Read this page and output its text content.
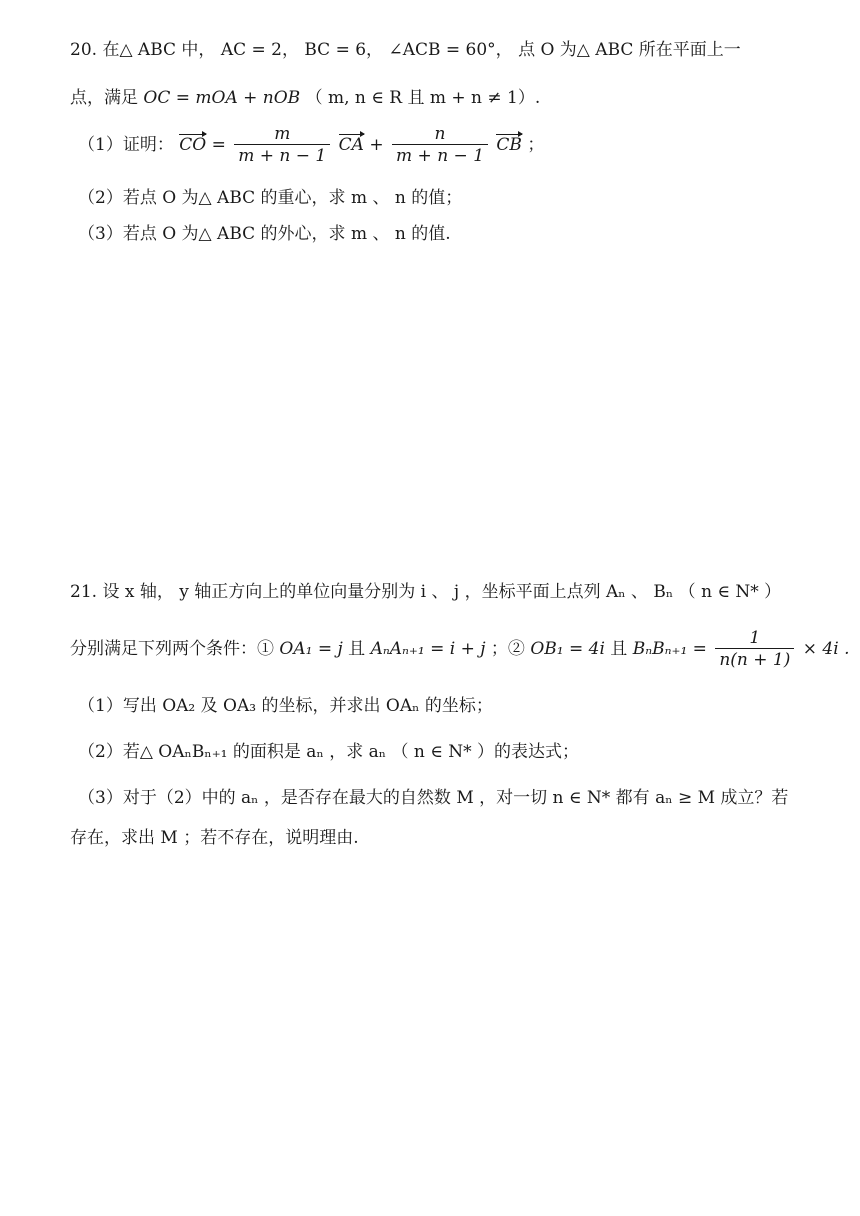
20. 在△ ABC 中， AC = 2， BC = 6， ∠ACB = 60°， 点 O 为△ ABC 所在平面上一
点，满足 OC = mOA + nOB （ m, n ∈ R 且 m + n ≠ 1）.
（1）证明： CO = $\frac{m}{m + n - 1}$ CA + $\frac{n}{m + n - 1}$ CB ；
（2）若点 O 为△ ABC 的重心，求 m 、 n 的值；
（3）若点 O 为△ ABC 的外心，求 m 、 n 的值.
21. 设 x 轴， y 轴正方向上的单位向量分别为 i 、 j ，坐标平面上点列 Aₙ 、 Bₙ （ n ∈ N* ）
分别满足下列两个条件：① OA₁ = j 且 AₙAₙ₊₁ = i + j ；② OB₁ = 4i 且 $B_nB_{n+1} = \frac{1}{n(n + 1)} \times 4i$ .
（1）写出 OA₂ 及 OA₃ 的坐标，并求出 OAₙ 的坐标；
（2）若△ OAₙBₙ₊₁ 的面积是 aₙ ，求 aₙ （ n ∈ N* ）的表达式；
（3）对于（2）中的 aₙ ，是否存在最大的自然数 M ，对一切 n ∈ N* 都有 aₙ ≥ M 成立？若
存在，求出 M ；若不存在，说明理由.
